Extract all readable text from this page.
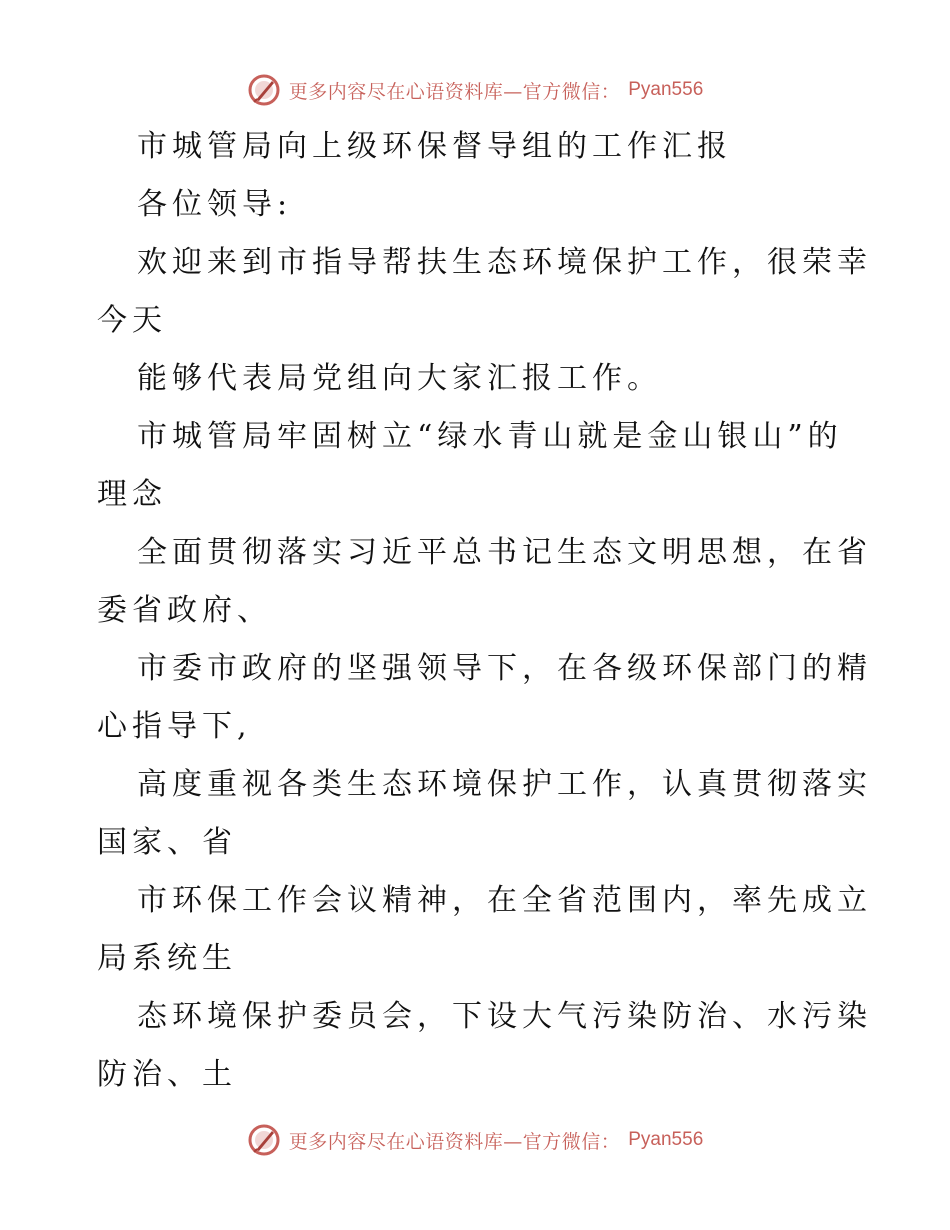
更多内容尽在心语资料库—官方微信： Pyan556
市城管局向上级环保督导组的工作汇报
各位领导:
欢迎来到市指导帮扶生态环境保护工作，很荣幸
今天
能够代表局党组向大家汇报工作。
市城管局牢固树立“绿水青山就是金山银山”的
理念
全面贯彻落实习近平总书记生态文明思想，在省
委省政府、
市委市政府的坚强领导下，在各级环保部门的精
心指导下,
高度重视各类生态环境保护工作，认真贯彻落实
国家、省
市环保工作会议精神，在全省范围内，率先成立
局系统生
态环境保护委员会，下设大气污染防治、水污染
防治、土
更多内容尽在心语资料库—官方微信： Pyan556
